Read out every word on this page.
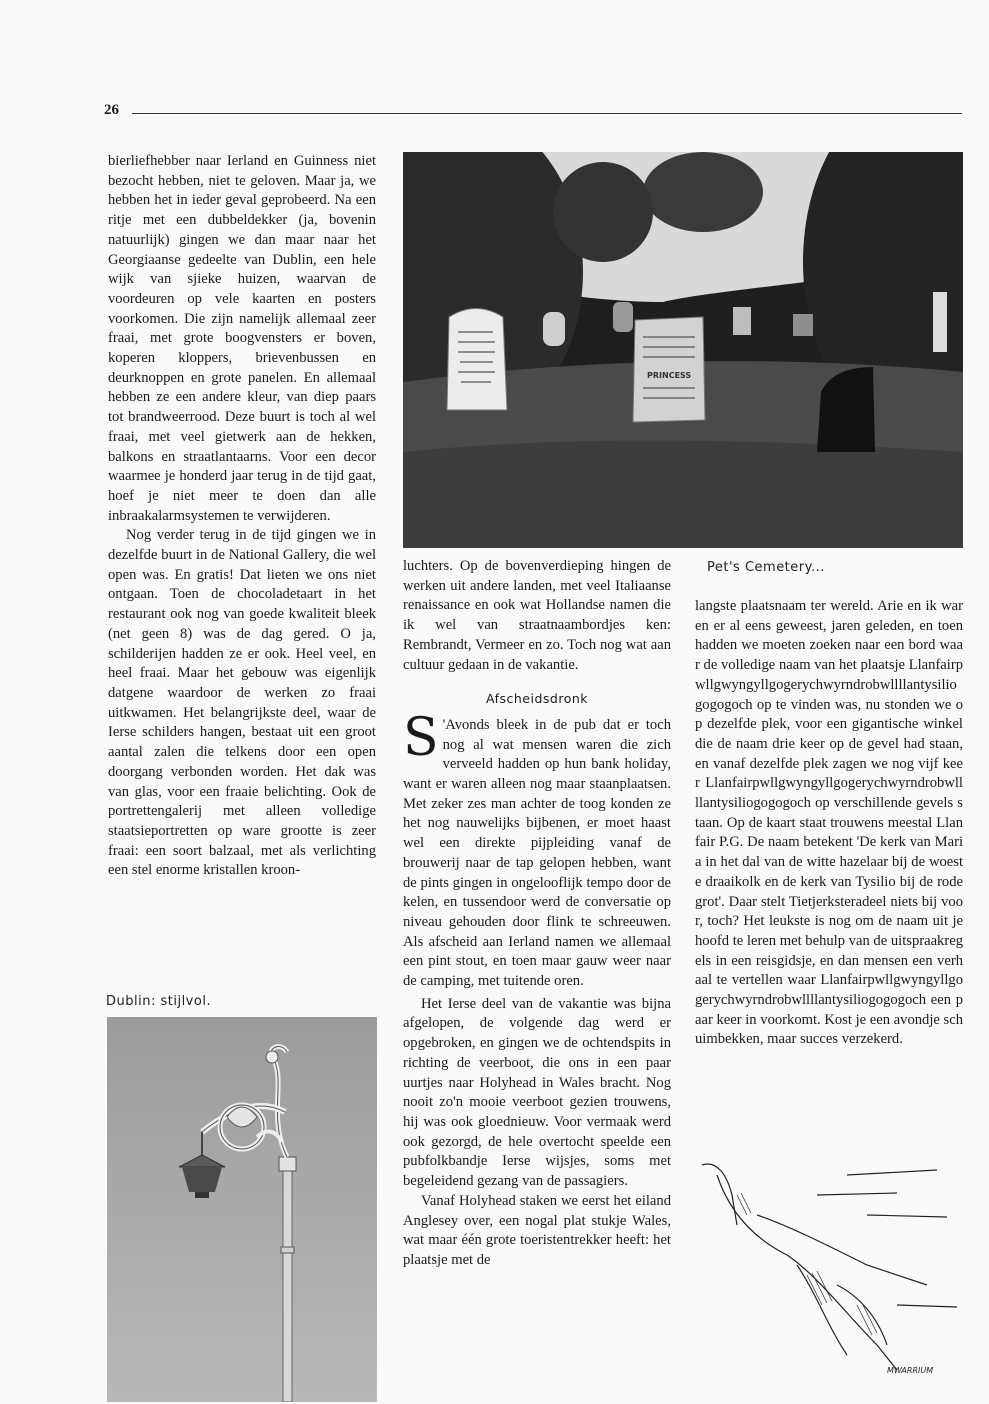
26

bierliefhebber naar Ierland en Guinness niet bezocht hebben, niet te geloven. Maar ja, we hebben het in ieder geval geprobeerd. Na een ritje met een dubbeldekker (ja, bovenin natuurlijk) gingen we dan maar naar het Georgiaanse gedeelte van Dublin, een hele wijk van sjieke huizen, waarvan de voordeuren op vele kaarten en posters voorkomen. Die zijn namelijk allemaal zeer fraai, met grote boogvensters er boven, koperen kloppers, brievenbussen en deurknoppen en grote panelen. En allemaal hebben ze een andere kleur, van diep paars tot brandweerrood. Deze buurt is toch al wel fraai, met veel gietwerk aan de hekken, balkons en straatlantaarns. Voor een decor waarmee je honderd jaar terug in de tijd gaat, hoef je niet meer te doen dan alle inbraakalarmsystemen te verwijderen.

Nog verder terug in de tijd gingen we in dezelfde buurt in de National Gallery, die wel open was. En gratis! Dat lieten we ons niet ontgaan. Toen de chocoladetaart in het restaurant ook nog van goede kwaliteit bleek (net geen 8) was de dag gered. O ja, schilderijen hadden ze er ook. Heel veel, en heel fraai. Maar het gebouw was eigenlijk datgene waardoor de werken zo fraai uitkwamen. Het belangrijkste deel, waar de Ierse schilders hangen, bestaat uit een groot aantal zalen die telkens door een open doorgang verbonden worden. Het dak was van glas, voor een fraaie belichting. Ook de portrettengalerij met alleen volledige staatsieportretten op ware grootte is zeer fraai: een soort balzaal, met als verlichting een stel enorme kristallen kroon-

Dublin: stijlvol.
PRINCESS

luchters. Op de bovenverdieping hingen de werken uit andere landen, met veel Italiaanse renaissance en ook wat Hollandse namen die ik wel van straatnaambordjes ken: Rembrandt, Vermeer en zo. Toch nog wat aan cultuur gedaan in de vakantie.

Afscheidsdronk

S 'Avonds bleek in de pub dat er toch nog al wat mensen waren die zich verveeld hadden op hun bank holiday, want er waren alleen nog maar staanplaatsen. Met zeker zes man achter de toog konden ze het nog nauwelijks bijbenen, er moet haast wel een direkte pijpleiding vanaf de brouwerij naar de tap gelopen hebben, want de pints gingen in ongelooflijk tempo door de kelen, en tussendoor werd de conversatie op niveau gehouden door flink te schreeuwen. Als afscheid aan Ierland namen we allemaal een pint stout, en toen maar gauw weer naar de camping, met tuitende oren.

Het Ierse deel van de vakantie was bijna afgelopen, de volgende dag werd er opgebroken, en gingen we de ochtendspits in richting de veerboot, die ons in een paar uurtjes naar Holyhead in Wales bracht. Nog nooit zo'n mooie veerboot gezien trouwens, hij was ook gloednieuw. Voor vermaak werd ook gezorgd, de hele overtocht speelde een pubfolkbandje Ierse wijsjes, soms met begeleidend gezang van de passagiers.

Vanaf Holyhead staken we eerst het eiland Anglesey over, een nogal plat stukje Wales, wat maar één grote toeristentrekker heeft: het plaatsje met de

Pet's Cemetery...

langste plaatsnaam ter wereld. Arie en ik waren er al eens geweest, jaren geleden, en toen hadden we moeten zoeken naar een bord waar de volledige naam van het plaatsje Llanfairpwllgwyngyllgogerychwyrndrobwllllantysiliogogogoch op te vinden was, nu stonden we op dezelfde plek, voor een gigantische winkel die de naam drie keer op de gevel had staan, en vanaf dezelfde plek zagen we nog vijf keer Llanfairpwllgwyngyllgogerychwyrndrobwllllantysiliogogogoch op verschillende gevels staan. Op de kaart staat trouwens meestal Llanfair P.G. De naam betekent 'De kerk van Maria in het dal van de witte hazelaar bij de woeste draaikolk en de kerk van Tysilio bij de rode grot'. Daar stelt Tietjerksteradeel niets bij voor, toch? Het leukste is nog om de naam uit je hoofd te leren met behulp van de uitspraakregels in een reisgidsje, en dan mensen een verhaal te vertellen waar Llanfairpwllgwyngyllgogerychwyrndrobwllllantysiliogogogoch een paar keer in voorkomt. Kost je een avondje schuimbekken, maar succes verzekerd.

MWARRIUM
